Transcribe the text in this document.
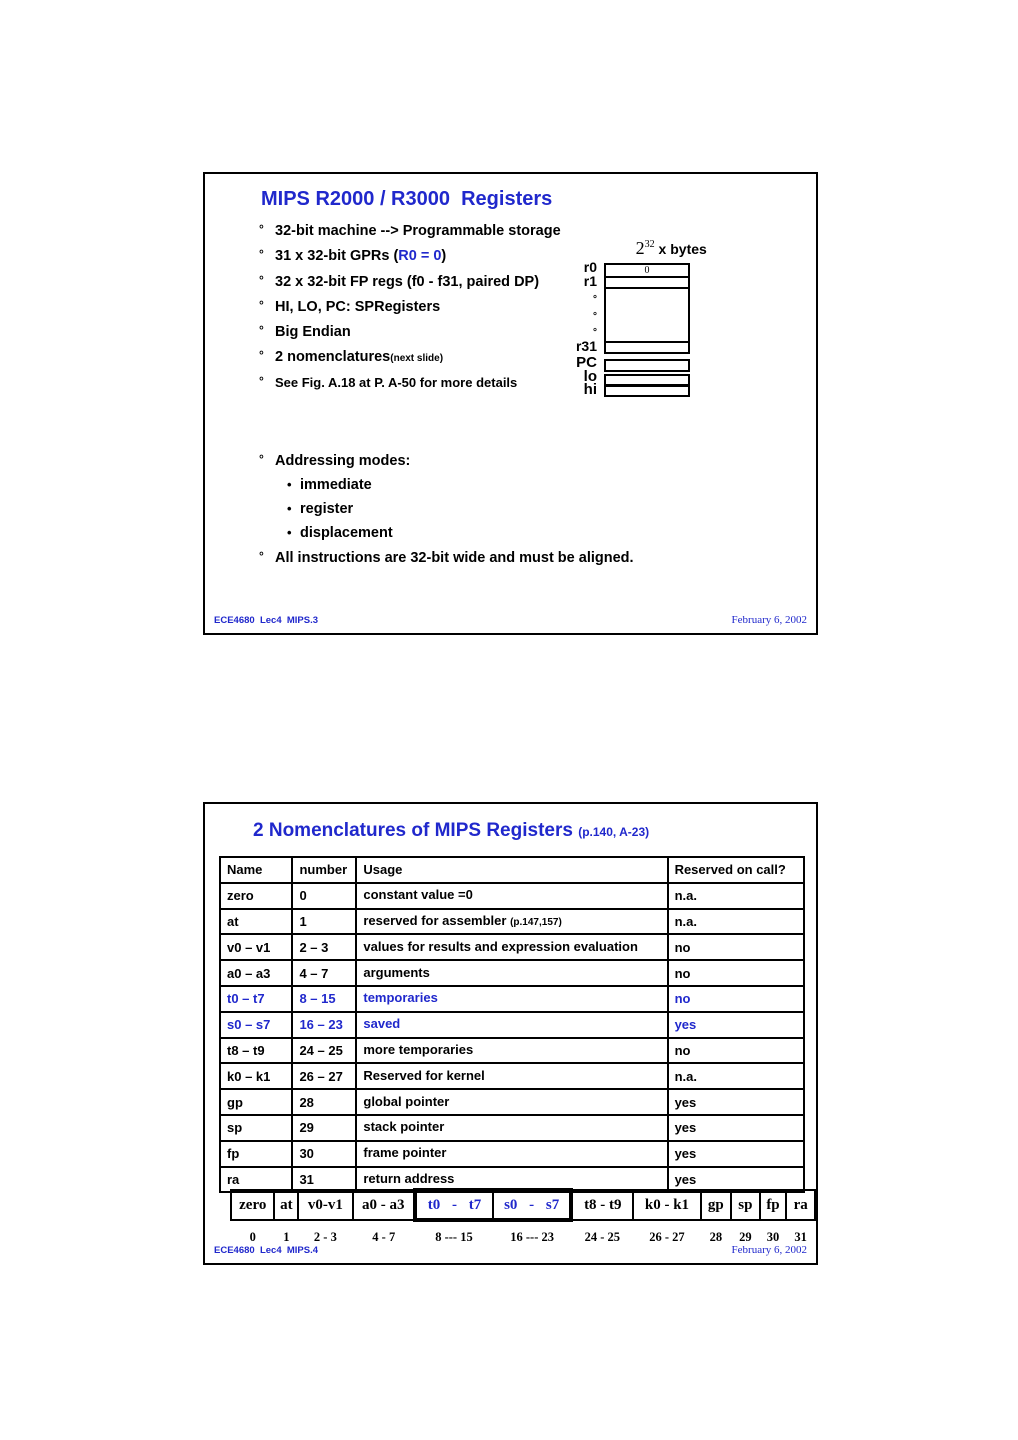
MIPS R2000 / R3000  Registers
° 32-bit machine --> Programmable storage
° 31 x 32-bit GPRs (R0 = 0)
° 32 x 32-bit FP regs (f0 - f31, paired DP)
° HI, LO, PC: SPRegisters
° Big Endian
° 2 nomenclatures(next slide)
° See Fig. A.18 at P. A-50 for more details

$2^{32}$ x bytes

r0
r1
°
°
°
r31
PC
lo
hi
0
° Addressing modes:
• immediate
• register
• displacement
° All instructions are 32-bit wide and must be aligned.
ECE4680  Lec4  MIPS.3	February 6, 2002
2 Nomenclatures of MIPS Registers (p.140, A-23)
Name	number	Usage	Reserved on call?
zero	0	constant value =0	n.a.
at	1	reserved for assembler (p.147,157)	n.a.
v0 – v1	2 – 3	values for results and expression evaluation	no
a0 – a3	4 – 7	arguments	no
t0 – t7	8 – 15	temporaries	no
s0 – s7	16 – 23	saved	yes
t8 – t9	24 – 25	more temporaries	no
k0 – k1	26 – 27	Reserved for kernel	n.a.
gp	28	global pointer	yes
sp	29	stack pointer	yes
fp	30	frame pointer	yes
ra	31	return address	yes
zero	at	v0-v1	a0 - a3	t0 - t7	s0 - s7	t8 - t9	k0 - k1	gp	sp	fp	ra
0	1	2 - 3	4 - 7	8 --- 15	16 --- 23	24 - 25	26 - 27	28	29	30	31
ECE4680  Lec4  MIPS.4	February 6, 2002
